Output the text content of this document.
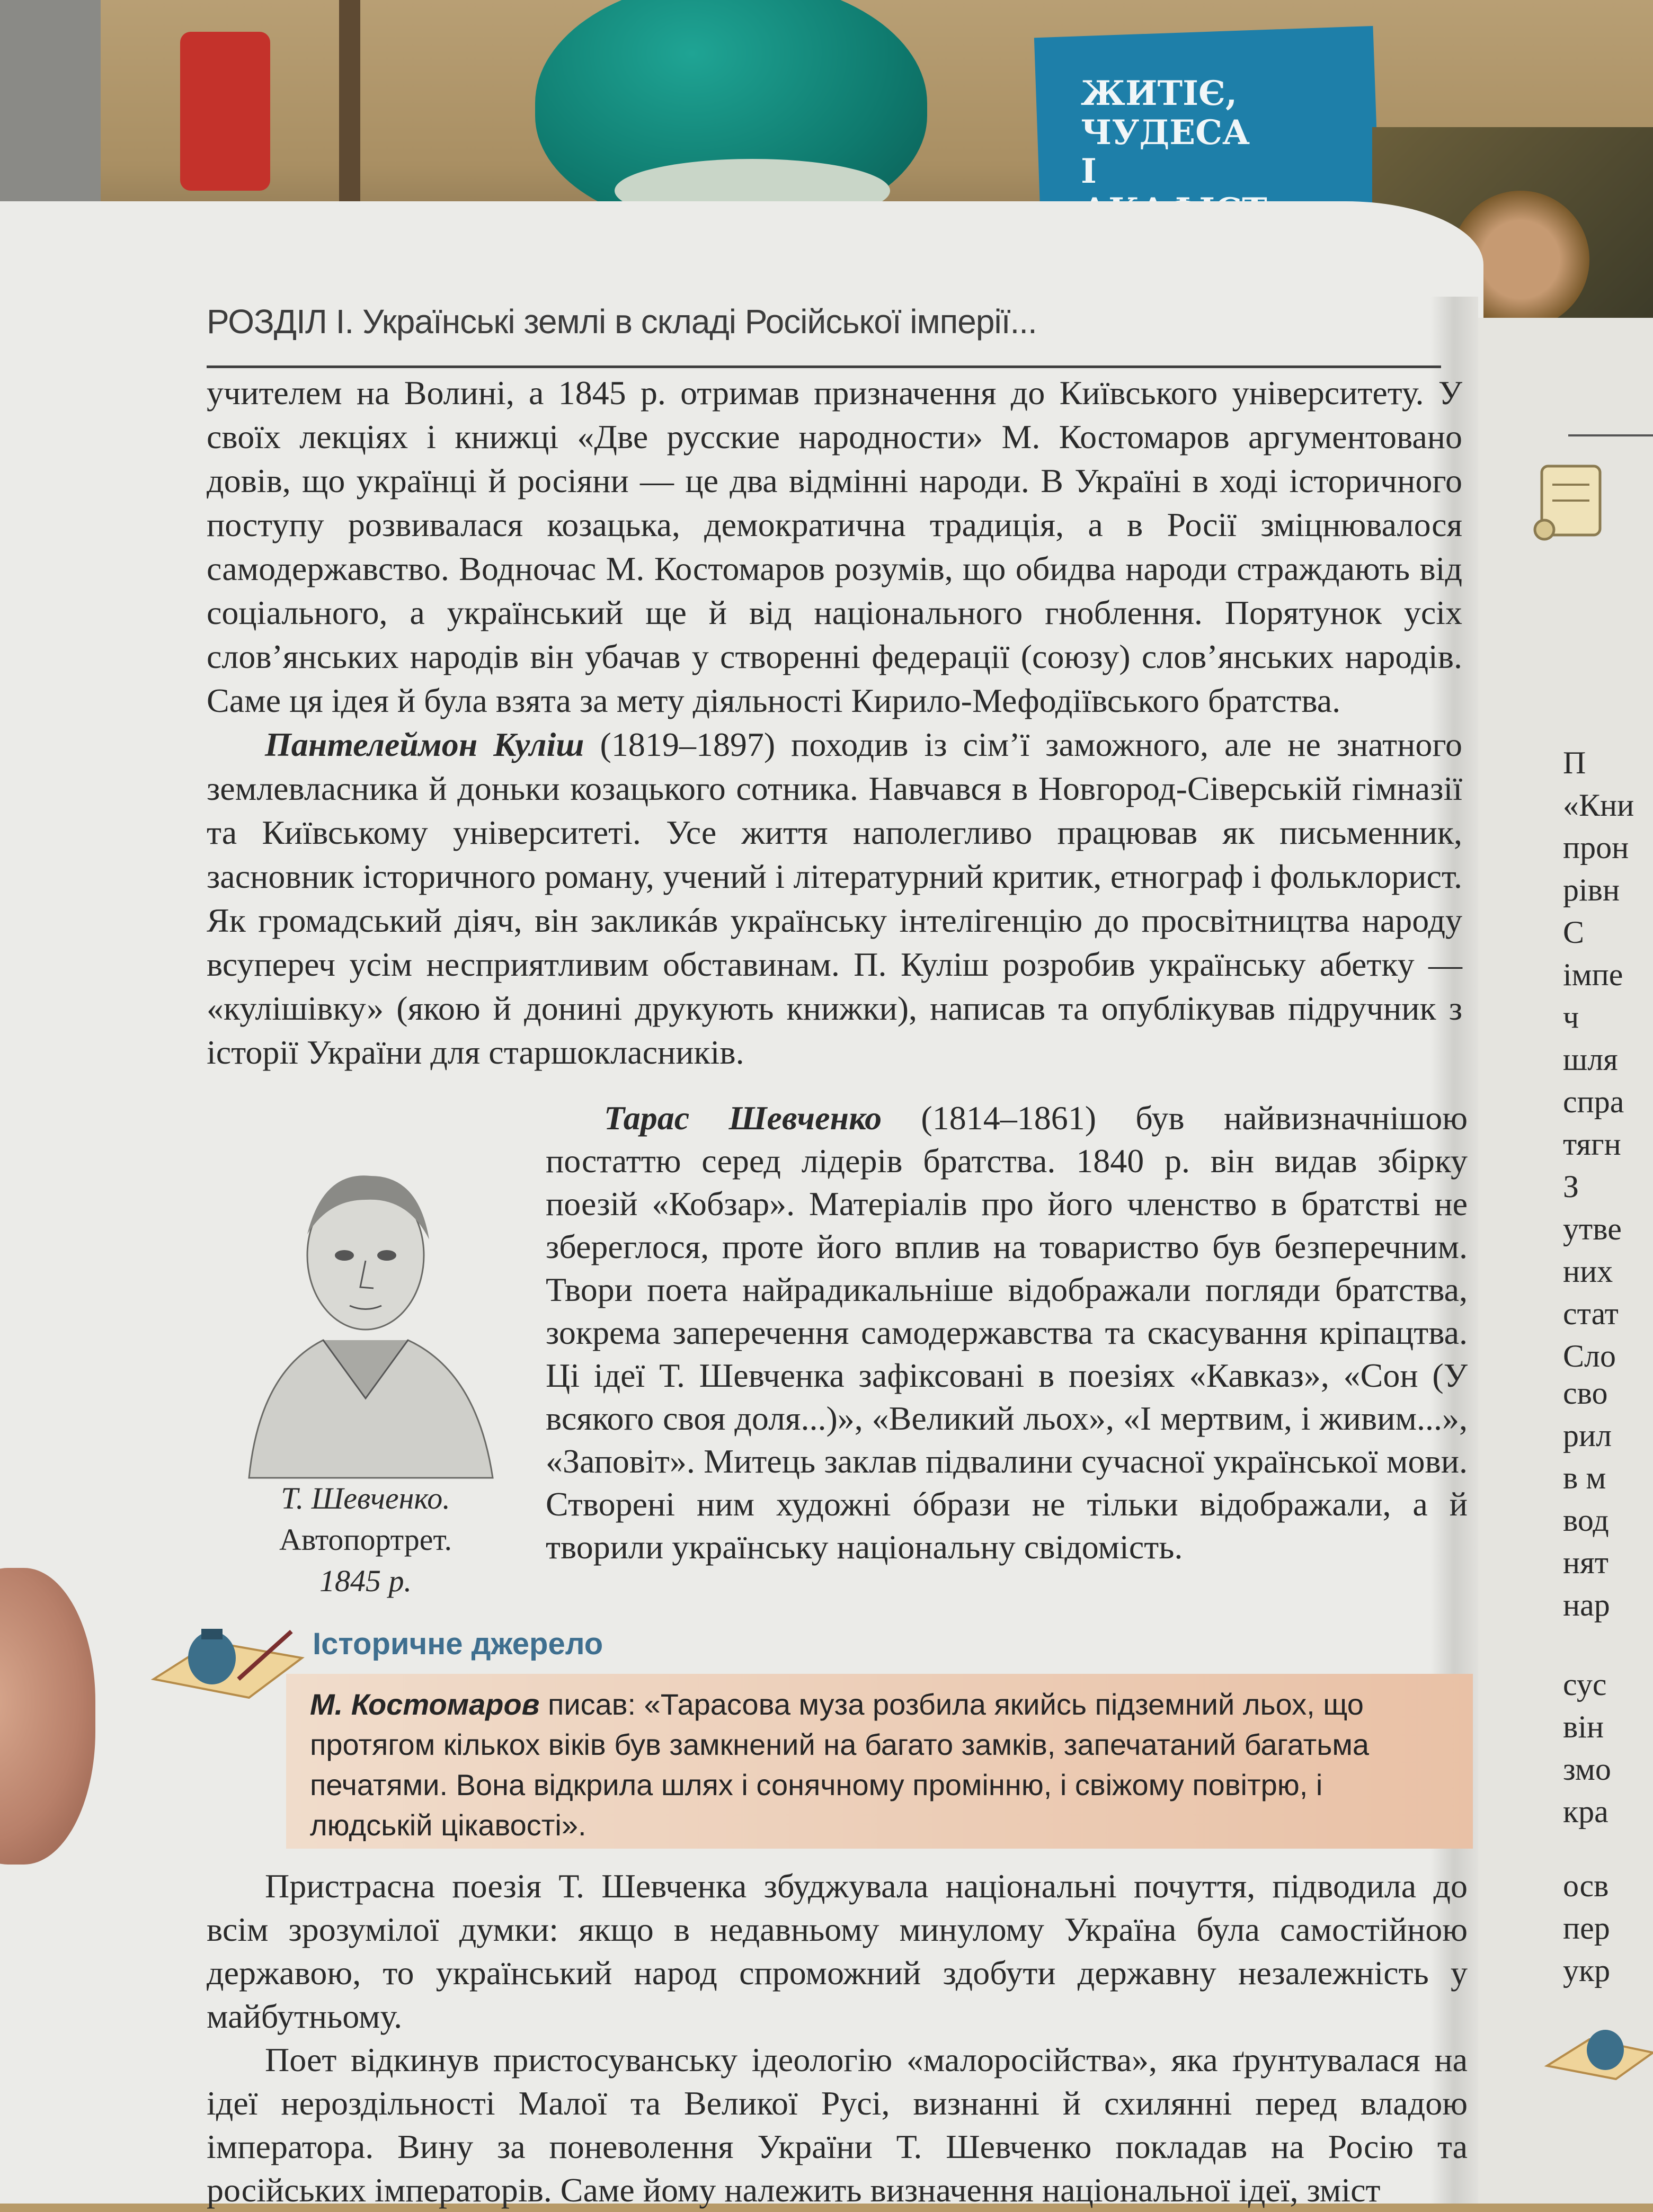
ЖИТІЄ,
ЧУДЕСА І
РОЗДІЛ І. Українські землі в складі Російської імперії...

учителем на Волині, а 1845 р. отримав призначення до Київського університету. У своїх лекціях і книжці «Две русские народности» М. Костомаров аргументовано довів, що українці й росіяни — це два відмінні народи. В Україні в ході історичного поступу розвивалася козацька, демократична традиція, а в Росії зміцнювалося самодержавство. Водночас М. Костомаров розумів, що обидва народи страждають від соціального, а український ще й від національного гноблення. Порятунок усіх слов’янських народів він убачав у створенні федерації (союзу) слов’янських народів. Саме ця ідея й була взята за мету діяльності Кирило-Мефодіївського братства.

Пантелеймон Куліш (1819–1897) походив із сім’ї заможного, але не знатного землевласника й доньки козацького сотника. Навчався в Новгород-Сіверській гімназії та Київському університеті. Усе життя наполегливо працював як письменник, засновник історичного роману, учений і літературний критик, етнограф і фольклорист. Як громадський діяч, він закликáв українську інтелігенцію до просвітництва народу всупереч усім несприятливим обставинам. П. Куліш розробив українську абетку — «кулішівку» (якою й донині друкують книжки), написав та опублікував підручник з історії України для старшокласників.

Т. Шевченко.
Автопортрет.
1845 р.

Тарас Шевченко (1814–1861) був найвизначнішою постаттю серед лідерів братства. 1840 р. він видав збірку поезій «Кобзар». Матеріалів про його членство в братстві не збереглося, проте його вплив на товариство був безперечним. Твори поета найрадикальніше відображали погляди братства, зокрема заперечення самодержавства та скасування кріпацтва. Ці ідеї Т. Шевченка зафіксовані в поезіях «Кавказ», «Сон (У всякого своя доля...)», «Великий льох», «І мертвим, і живим...», «Заповіт». Митець заклав підвалини сучасної української мови. Створені ним художні óбрази не тільки відображали, а й творили українську національну свідомість.

Історичне джерело
М. Костомаров писав: «Тарасова муза розбила якийсь підземний льох, що протягом кількох віків був замкнений на багато замків, запечатаний багатьма печатями. Вона відкрила шлях і сонячному промінню, і свіжому повітрю, і людській цікавості».

Пристрасна поезія Т. Шевченка збуджувала національні почуття, підводила до всім зрозумілої думки: якщо в недавньому минулому Україна була самостійною державою, то український народ спроможний здобути державну незалежність у майбутньому.

Поет відкинув пристосуванську ідеологію «малоросійства», яка ґрунтувалася на ідеї нероздільності Малої та Великої Русі, визнанні й схилянні перед владою імператора. Вину за поневолення України Т. Шевченко покладав на Росію та російських імператорів. Саме йому належить визначення національної ідеї, зміст

П
«Кни
прон
рівн
С
імпе
ч
шля
спра
тягн
З
утве
них
стат
Сло
сво
рил
в м
вод
нят
нар
сус
він
змо
кра
осв
пер
укр
